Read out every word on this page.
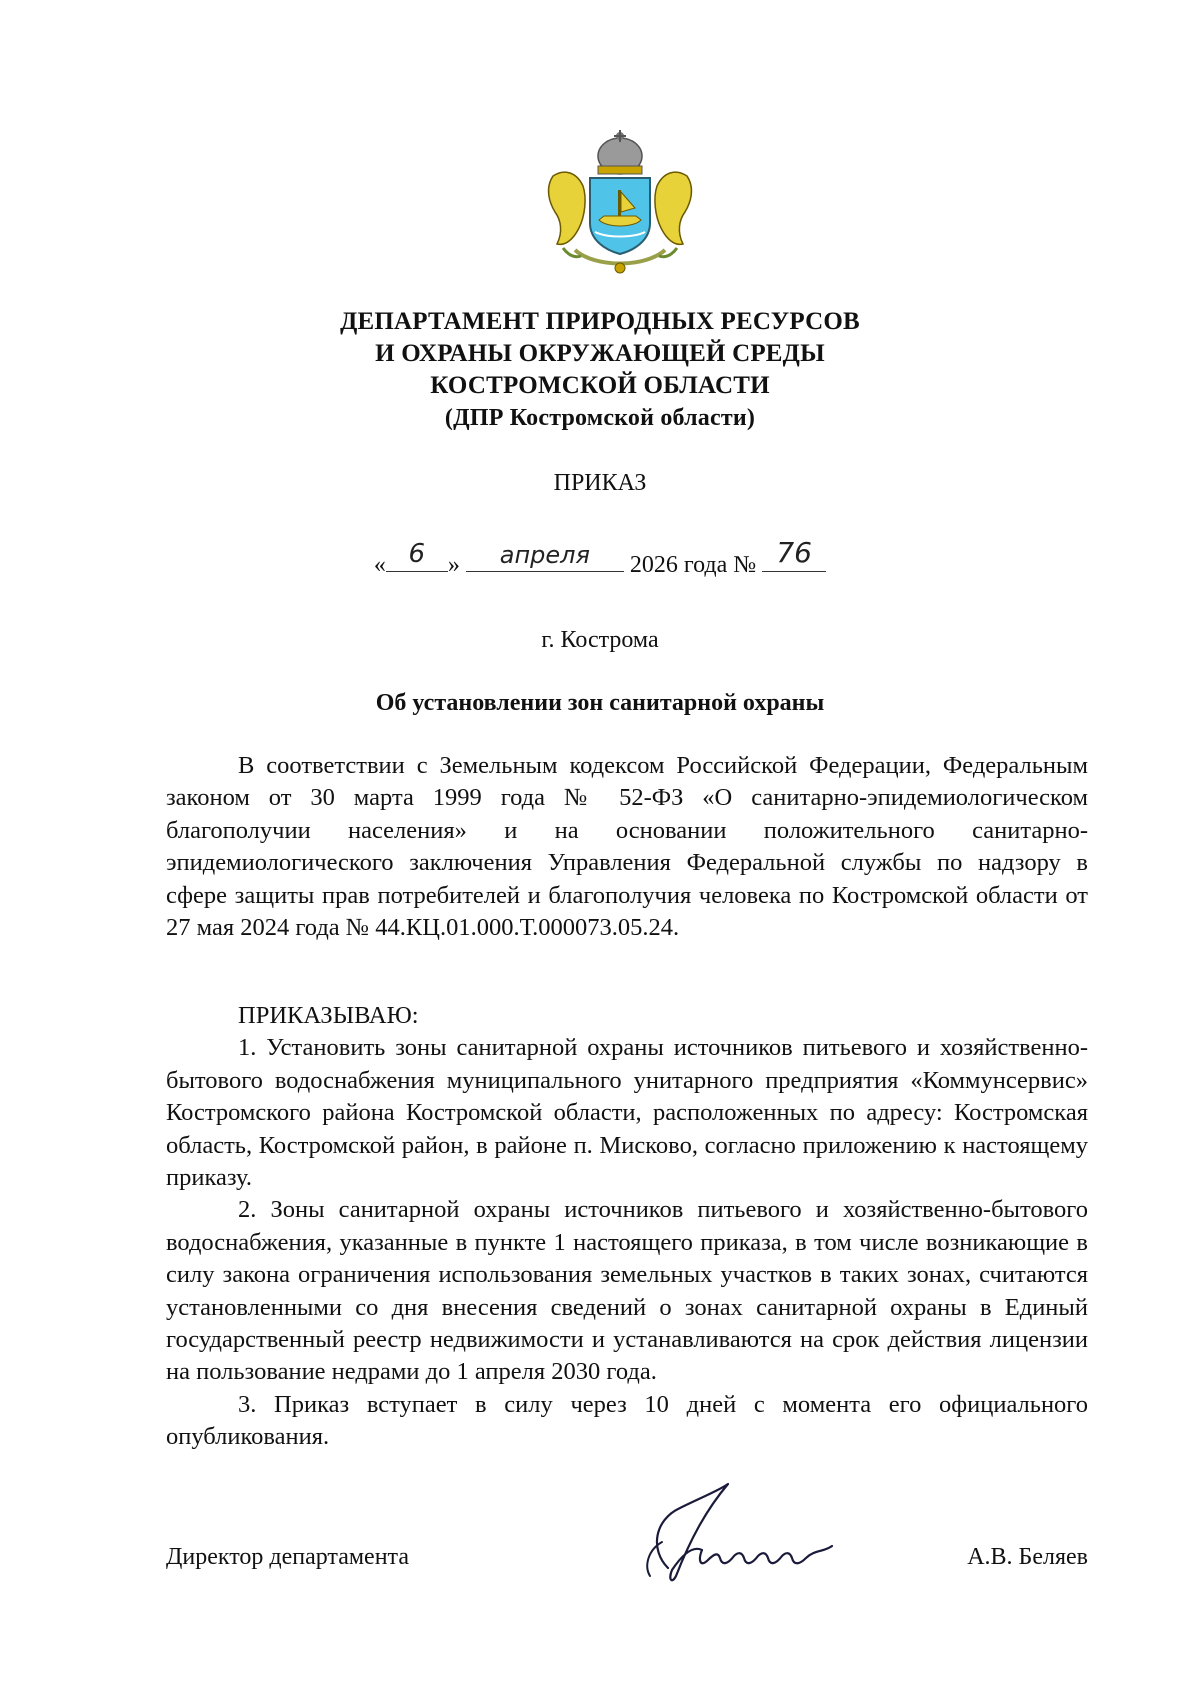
ДЕПАРТАМЕНТ ПРИРОДНЫХ РЕСУРСОВ
И ОХРАНЫ ОКРУЖАЮЩЕЙ СРЕДЫ
КОСТРОМСКОЙ ОБЛАСТИ
(ДПР Костромской области)
ПРИКАЗ
« 6 »	апреля	2026 года № 76
г. Кострома
Об установлении зон санитарной охраны

В соответствии с Земельным кодексом Российской Федерации, Федеральным законом от 30 марта 1999 года № 52-ФЗ «О санитарно-эпидемиологическом благополучии населения» и на основании положительного санитарно-эпидемиологического заключения Управления Федеральной службы по надзору в сфере защиты прав потребителей и благополучия человека по Костромской области от 27 мая 2024 года № 44.КЦ.01.000.Т.000073.05.24.

ПРИКАЗЫВАЮ:

1. Установить зоны санитарной охраны источников питьевого и хозяйственно-бытового водоснабжения муниципального унитарного предприятия «Коммунсервис» Костромского района Костромской области, расположенных по адресу: Костромская область, Костромской район, в районе п. Мисково, согласно приложению к настоящему приказу.

2. Зоны санитарной охраны источников питьевого и хозяйственно-бытового водоснабжения, указанные в пункте 1 настоящего приказа, в том числе возникающие в силу закона ограничения использования земельных участков в таких зонах, считаются установленными со дня внесения сведений о зонах санитарной охраны в Единый государственный реестр недвижимости и устанавливаются на срок действия лицензии на пользование недрами до 1 апреля 2030 года.

3. Приказ вступает в силу через 10 дней с момента его официального опубликования.

Директор департамента	А.В. Беляев
